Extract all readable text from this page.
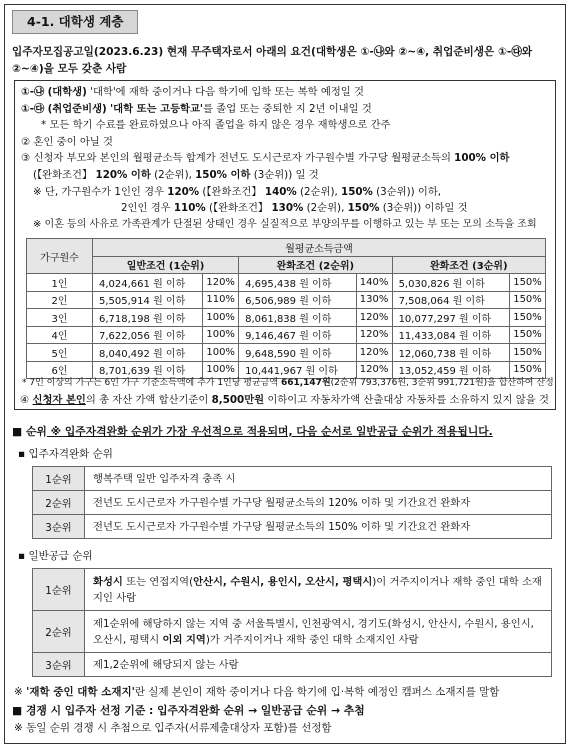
4-1. 대학생 계층
입주자모집공고일(2023.6.23) 현재 무주택자로서 아래의 요건(대학생은 ①-㉯와 ②~④, 취업준비생은 ①-㉰와 ②~④)을 모두 갖춘 사람
①-㉯ (대학생) '대학'에 재학 중이거나 다음 학기에 입학 또는 복학 예정일 것
①-㉰ (취업준비생) '대학 또는 고등학교'를 졸업 또는 중퇴한 지 2년 이내일 것
* 모든 학기 수료를 완료하였으나 아직 졸업을 하지 않은 경우 재학생으로 간주
② 혼인 중이 아닐 것
③ 신청자 부모와 본인의 월평균소득 합계가 전년도 도시근로자 가구원수별 가구당 월평균소득의 100% 이하
(【완화조건】 120% 이하 (2순위), 150% 이하 (3순위)) 일 것
※ 단, 가구원수가 1인인 경우 120% (【완화조건】 140% (2순위), 150% (3순위)) 이하,
2인인 경우 110% (【완화조건】 130% (2순위), 150% (3순위)) 이하일 것
※ 이혼 등의 사유로 가족관계가 단절된 상태인 경우 실질적으로 부양의무를 이행하고 있는 부 또는 모의 소득을 조회
가구원수	월평균소득금액					
	일반조건 (1순위)		완화조건 (2순위)		완화조건 (3순위)	
1인	4,024,661 원 이하	120%	4,695,438 원 이하	140%	5,030,826 원 이하	150%
2인	5,505,914 원 이하	110%	6,506,989 원 이하	130%	7,508,064 원 이하	150%
3인	6,718,198 원 이하	100%	8,061,838 원 이하	120%	10,077,297 원 이하	150%
4인	7,622,056 원 이하	100%	9,146,467 원 이하	120%	11,433,084 원 이하	150%
5인	8,040,492 원 이하	100%	9,648,590 원 이하	120%	12,060,738 원 이하	150%
6인	8,701,639 원 이하	100%	10,441,967 원 이하	120%	13,052,459 원 이하	150%
* 7인 이상의 가구는 6인 가구 기준소득액에 추가 1인당 평균금액 661,147원(2순위 793,376원, 3순위 991,721원)을 합산하여 산정
④ 신청자 본인의 총 자산 가액 합산기준이 8,500만원 이하이고 자동차가액 산출대상 자동차를 소유하지 있지 않을 것
■ 순위 ※ 입주자격완화 순위가 가장 우선적으로 적용되며, 다음 순서로 일반공급 순위가 적용됩니다.
▪ 입주자격완화 순위
1순위	행복주택 일반 입주자격 충족 시
2순위	전년도 도시근로자 가구원수별 가구당 월평균소득의 120% 이하 및 기간요건 완화자
3순위	전년도 도시근로자 가구원수별 가구당 월평균소득의 150% 이하 및 기간요건 완화자
▪ 일반공급 순위
1순위	화성시 또는 연접지역(안산시, 수원시, 용인시, 오산시, 평택시)이 거주지이거나 재학 중인 대학 소재지인 사람
2순위	제1순위에 해당하지 않는 지역 중 서울특별시, 인천광역시, 경기도(화성시, 안산시, 수원시, 용인시, 오산시, 평택시 이외 지역)가 거주지이거나 재학 중인 대학 소재지인 사람
3순위	제1,2순위에 해당되지 않는 사람
※ '재학 중인 대학 소재지'란 실제 본인이 재학 중이거나 다음 학기에 입·복학 예정인 캠퍼스 소재지를 말함
■ 경쟁 시 입주자 선정 기준 : 입주자격완화 순위 → 일반공급 순위 → 추첨
※ 동일 순위 경쟁 시 추첨으로 입주자(서류제출대상자 포함)를 선정함
